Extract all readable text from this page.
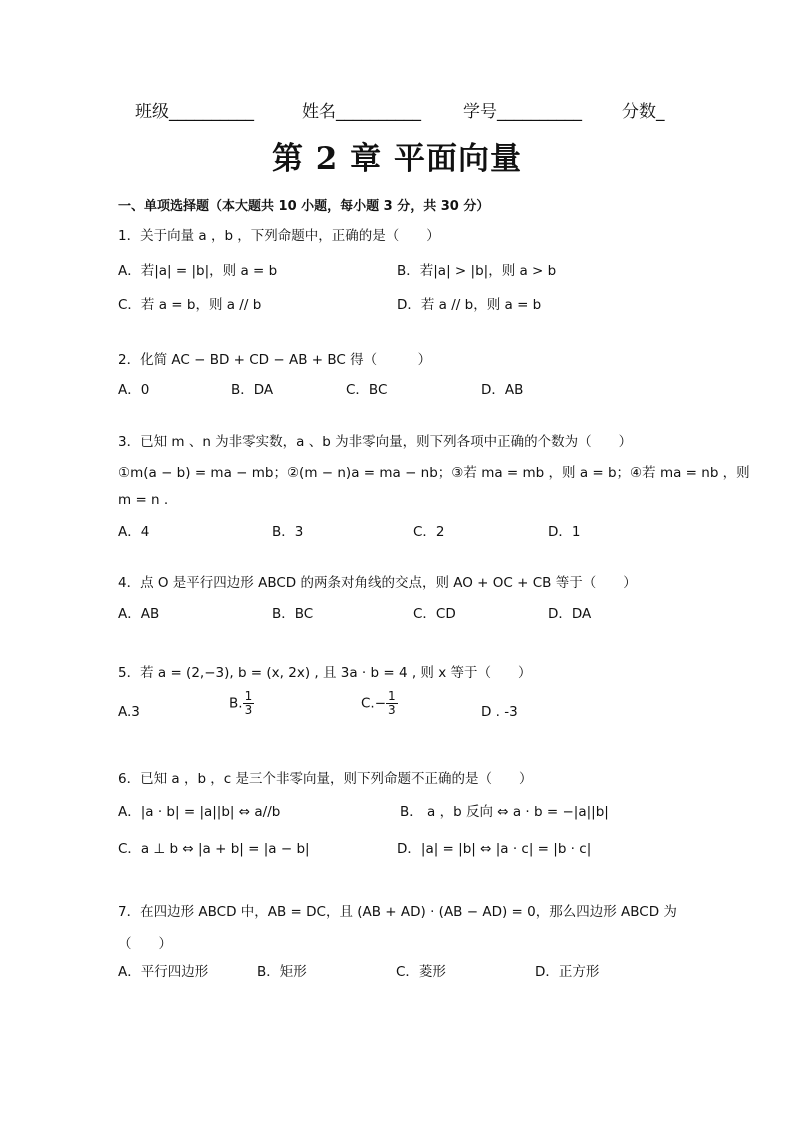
班级__________	姓名__________ 学号__________ 分数_
第 2 章 平面向量
一、单项选择题（本大题共 10 小题，每小题 3 分，共 30 分）
1．关于向量 a ，b ，下列命题中，正确的是（　　）
A．若|a| = |b|，则 a = b	B．若|a| > |b|，则 a > b
C．若 a = b，则 a // b	D．若 a // b，则 a = b
2．化简 AC − BD + CD − AB + BC 得（　　　）
A．0	B．DA	C．BC	D．AB
3．已知 m 、n 为非零实数，a 、b 为非零向量，则下列各项中正确的个数为（　　）
①m(a − b) = ma − mb；②(m − n)a = ma − nb；③若 ma = mb ，则 a = b；④若 ma = nb ，则
m = n .
A．4	B．3	C．2	D．1
4．点 O 是平行四边形 ABCD 的两条对角线的交点，则 AO + OC + CB 等于（　　）
A．AB	B．BC	C．CD	D．DA
5．若 a = (2,−3), b = (x, 2x) , 且 3a · b = 4 , 则 x 等于（　　）
A.3
B. $\frac{1}{3}$	$C.- \frac{1}{3}$	D . -3
6．已知 a ，b ，c 是三个非零向量，则下列命题不正确的是（　　）
A．|a · b| = |a||b| ⇔ a//b	B． a ，b 反向 ⇔ a · b = −|a||b|
C．a ⊥ b ⇔ |a + b| = |a − b|	D．|a| = |b| ⇔ |a · c| = |b · c|
7．在四边形 ABCD 中，AB = DC，且 (AB + AD) · (AB − AD) = 0，那么四边形 ABCD 为
（　　）
A．平行四边形	B．矩形	C．菱形	D．正方形
